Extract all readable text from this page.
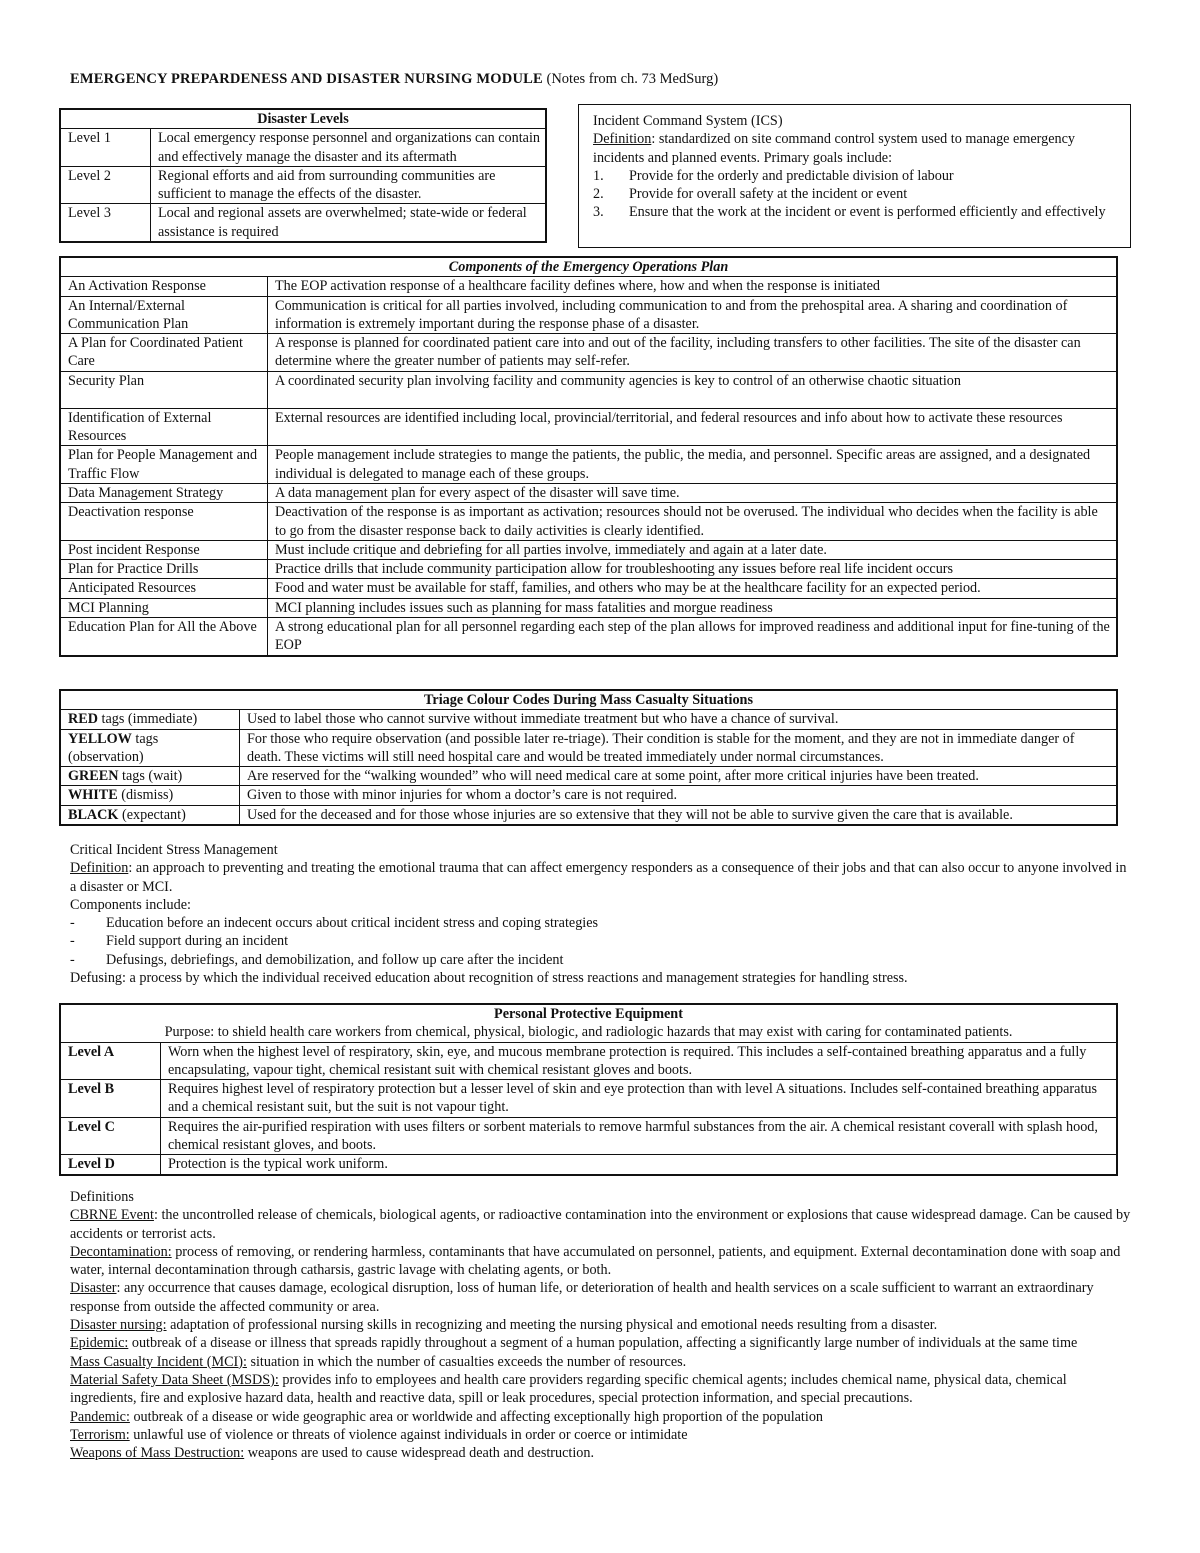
EMERGENCY PREPARDENESS AND DISASTER NURSING MODULE (Notes from ch. 73 MedSurg)
Disaster Levels	
Level 1	Local emergency response personnel and organizations can contain and effectively manage the disaster and its aftermath
Level 2	Regional efforts and aid from surrounding communities are sufficient to manage the effects of the disaster.
Level 3	Local and regional assets are overwhelmed; state-wide or federal assistance is required
Incident Command System (ICS)
Definition: standardized on site command control system used to manage emergency incidents and planned events. Primary goals include:
1.	Provide for the orderly and predictable division of labour
2.	Provide for overall safety at the incident or event
3.	Ensure that the work at the incident or event is performed efficiently and effectively
Components of the Emergency Operations Plan	
An Activation Response	The EOP activation response of a healthcare facility defines where, how and when the response is initiated
An Internal/External Communication Plan	Communication is critical for all parties involved, including communication to and from the prehospital area. A sharing and coordination of information is extremely important during the response phase of a disaster.
A Plan for Coordinated Patient Care	A response is planned for coordinated patient care into and out of the facility, including transfers to other facilities. The site of the disaster can determine where the greater number of patients may self-refer.
Security Plan	A coordinated security plan involving facility and community agencies is key to control of an otherwise chaotic situation
Identification of External Resources	External resources are identified including local, provincial/territorial, and federal resources and info about how to activate these resources
Plan for People Management and Traffic Flow	People management include strategies to mange the patients, the public, the media, and personnel. Specific areas are assigned, and a designated individual is delegated to manage each of these groups.
Data Management Strategy	A data management plan for every aspect of the disaster will save time.
Deactivation response	Deactivation of the response is as important as activation; resources should not be overused. The individual who decides when the facility is able to go from the disaster response back to daily activities is clearly identified.
Post incident Response	Must include critique and debriefing for all parties involve, immediately and again at a later date.
Plan for Practice Drills	Practice drills that include community participation allow for troubleshooting any issues before real life incident occurs
Anticipated Resources	Food and water must be available for staff, families, and others who may be at the healthcare facility for an expected period.
MCI Planning	MCI planning includes issues such as planning for mass fatalities and morgue readiness
Education Plan for All the Above	A strong educational plan for all personnel regarding each step of the plan allows for improved readiness and additional input for fine-tuning of the EOP
Triage Colour Codes During Mass Casualty Situations	
RED tags (immediate)	Used to label those who cannot survive without immediate treatment but who have a chance of survival.
YELLOW tags (observation)	For those who require observation (and possible later re-triage). Their condition is stable for the moment, and they are not in immediate danger of death. These victims will still need hospital care and would be treated immediately under normal circumstances.
GREEN tags (wait)	Are reserved for the “walking wounded” who will need medical care at some point, after more critical injuries have been treated.
WHITE (dismiss)	Given to those with minor injuries for whom a doctor’s care is not required.
BLACK (expectant)	Used for the deceased and for those whose injuries are so extensive that they will not be able to survive given the care that is available.

Critical Incident Stress Management

Definition: an approach to preventing and treating the emotional trauma that can affect emergency responders as a consequence of their jobs and that can also occur to anyone involved in a disaster or MCI.

Components include:

-	Education before an indecent occurs about critical incident stress and coping strategies
-	Field support during an incident
-	Defusings, debriefings, and demobilization, and follow up care after the incident

Defusing: a process by which the individual received education about recognition of stress reactions and management strategies for handling stress.

Personal Protective Equipment
Purpose: to shield health care workers from chemical, physical, biologic, and radiologic hazards that may exist with caring for contaminated patients.	

Level A	Worn when the highest level of respiratory, skin, eye, and mucous membrane protection is required. This includes a self-contained breathing apparatus and a fully encapsulating, vapour tight, chemical resistant suit with chemical resistant gloves and boots.
Level B	Requires highest level of respiratory protection but a lesser level of skin and eye protection than with level A situations. Includes self-contained breathing apparatus and a chemical resistant suit, but the suit is not vapour tight.
Level C	Requires the air-purified respiration with uses filters or sorbent materials to remove harmful substances from the air. A chemical resistant coverall with splash hood, chemical resistant gloves, and boots.
Level D	Protection is the typical work uniform.

Definitions

CBRNE Event: the uncontrolled release of chemicals, biological agents, or radioactive contamination into the environment or explosions that cause widespread damage. Can be caused by accidents or terrorist acts.

Decontamination: process of removing, or rendering harmless, contaminants that have accumulated on personnel, patients, and equipment. External decontamination done with soap and water, internal decontamination through catharsis, gastric lavage with chelating agents, or both.

Disaster: any occurrence that causes damage, ecological disruption, loss of human life, or deterioration of health and health services on a scale sufficient to warrant an extraordinary response from outside the affected community or area.

Disaster nursing: adaptation of professional nursing skills in recognizing and meeting the nursing physical and emotional needs resulting from a disaster.

Epidemic: outbreak of a disease or illness that spreads rapidly throughout a segment of a human population, affecting a significantly large number of individuals at the same time

Mass Casualty Incident (MCI): situation in which the number of casualties exceeds the number of resources.

Material Safety Data Sheet (MSDS): provides info to employees and health care providers regarding specific chemical agents; includes chemical name, physical data, chemical ingredients, fire and explosive hazard data, health and reactive data, spill or leak procedures, special protection information, and special precautions.

Pandemic: outbreak of a disease or wide geographic area or worldwide and affecting exceptionally high proportion of the population

Terrorism: unlawful use of violence or threats of violence against individuals in order or coerce or intimidate

Weapons of Mass Destruction: weapons are used to cause widespread death and destruction.
